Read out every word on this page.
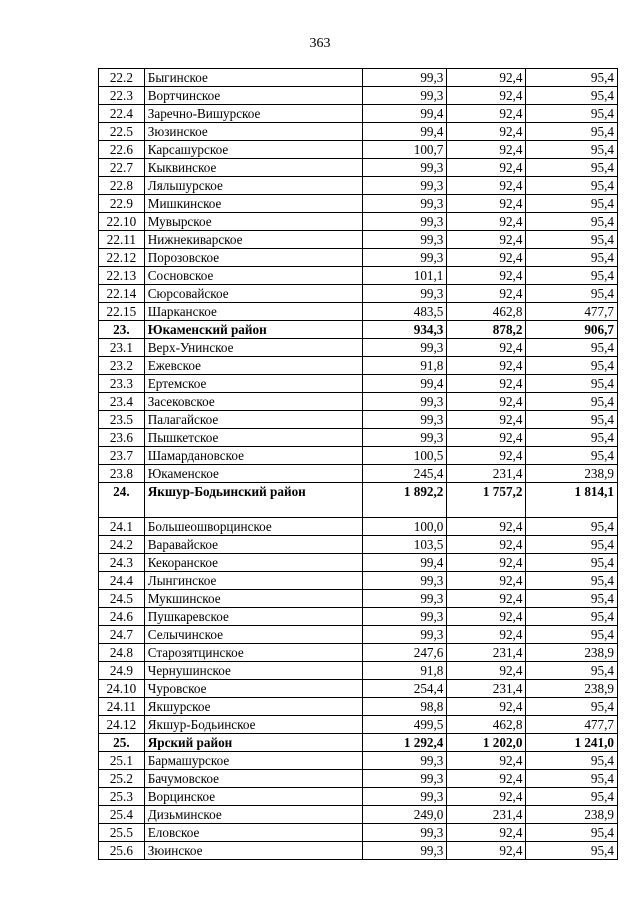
363
22.2	Быгинское	99,3	92,4	95,4
22.3	Вортчинское	99,3	92,4	95,4
22.4	Заречно-Вишурское	99,4	92,4	95,4
22.5	Зюзинское	99,4	92,4	95,4
22.6	Карсашурское	100,7	92,4	95,4
22.7	Кыквинское	99,3	92,4	95,4
22.8	Ляльшурское	99,3	92,4	95,4
22.9	Мишкинское	99,3	92,4	95,4
22.10	Мувырское	99,3	92,4	95,4
22.11	Нижнекиварское	99,3	92,4	95,4
22.12	Порозовское	99,3	92,4	95,4
22.13	Сосновское	101,1	92,4	95,4
22.14	Сюрсовайское	99,3	92,4	95,4
22.15	Шарканское	483,5	462,8	477,7
23.	Юкаменский район	934,3	878,2	906,7
23.1	Верх-Унинское	99,3	92,4	95,4
23.2	Ежевское	91,8	92,4	95,4
23.3	Ертемское	99,4	92,4	95,4
23.4	Засековское	99,3	92,4	95,4
23.5	Палагайское	99,3	92,4	95,4
23.6	Пышкетское	99,3	92,4	95,4
23.7	Шамардановское	100,5	92,4	95,4
23.8	Юкаменское	245,4	231,4	238,9
24.	Якшур-Бодьинский район	1 892,2	1 757,2	1 814,1
24.1	Большеошворцинское	100,0	92,4	95,4
24.2	Варавайское	103,5	92,4	95,4
24.3	Кекоранское	99,4	92,4	95,4
24.4	Лынгинское	99,3	92,4	95,4
24.5	Мукшинское	99,3	92,4	95,4
24.6	Пушкаревское	99,3	92,4	95,4
24.7	Селычинское	99,3	92,4	95,4
24.8	Старозятцинское	247,6	231,4	238,9
24.9	Чернушинское	91,8	92,4	95,4
24.10	Чуровское	254,4	231,4	238,9
24.11	Якшурское	98,8	92,4	95,4
24.12	Якшур-Бодьинское	499,5	462,8	477,7
25.	Ярский район	1 292,4	1 202,0	1 241,0
25.1	Бармашурское	99,3	92,4	95,4
25.2	Бачумовское	99,3	92,4	95,4
25.3	Ворцинское	99,3	92,4	95,4
25.4	Дизьминское	249,0	231,4	238,9
25.5	Еловское	99,3	92,4	95,4
25.6	Зюинское	99,3	92,4	95,4
